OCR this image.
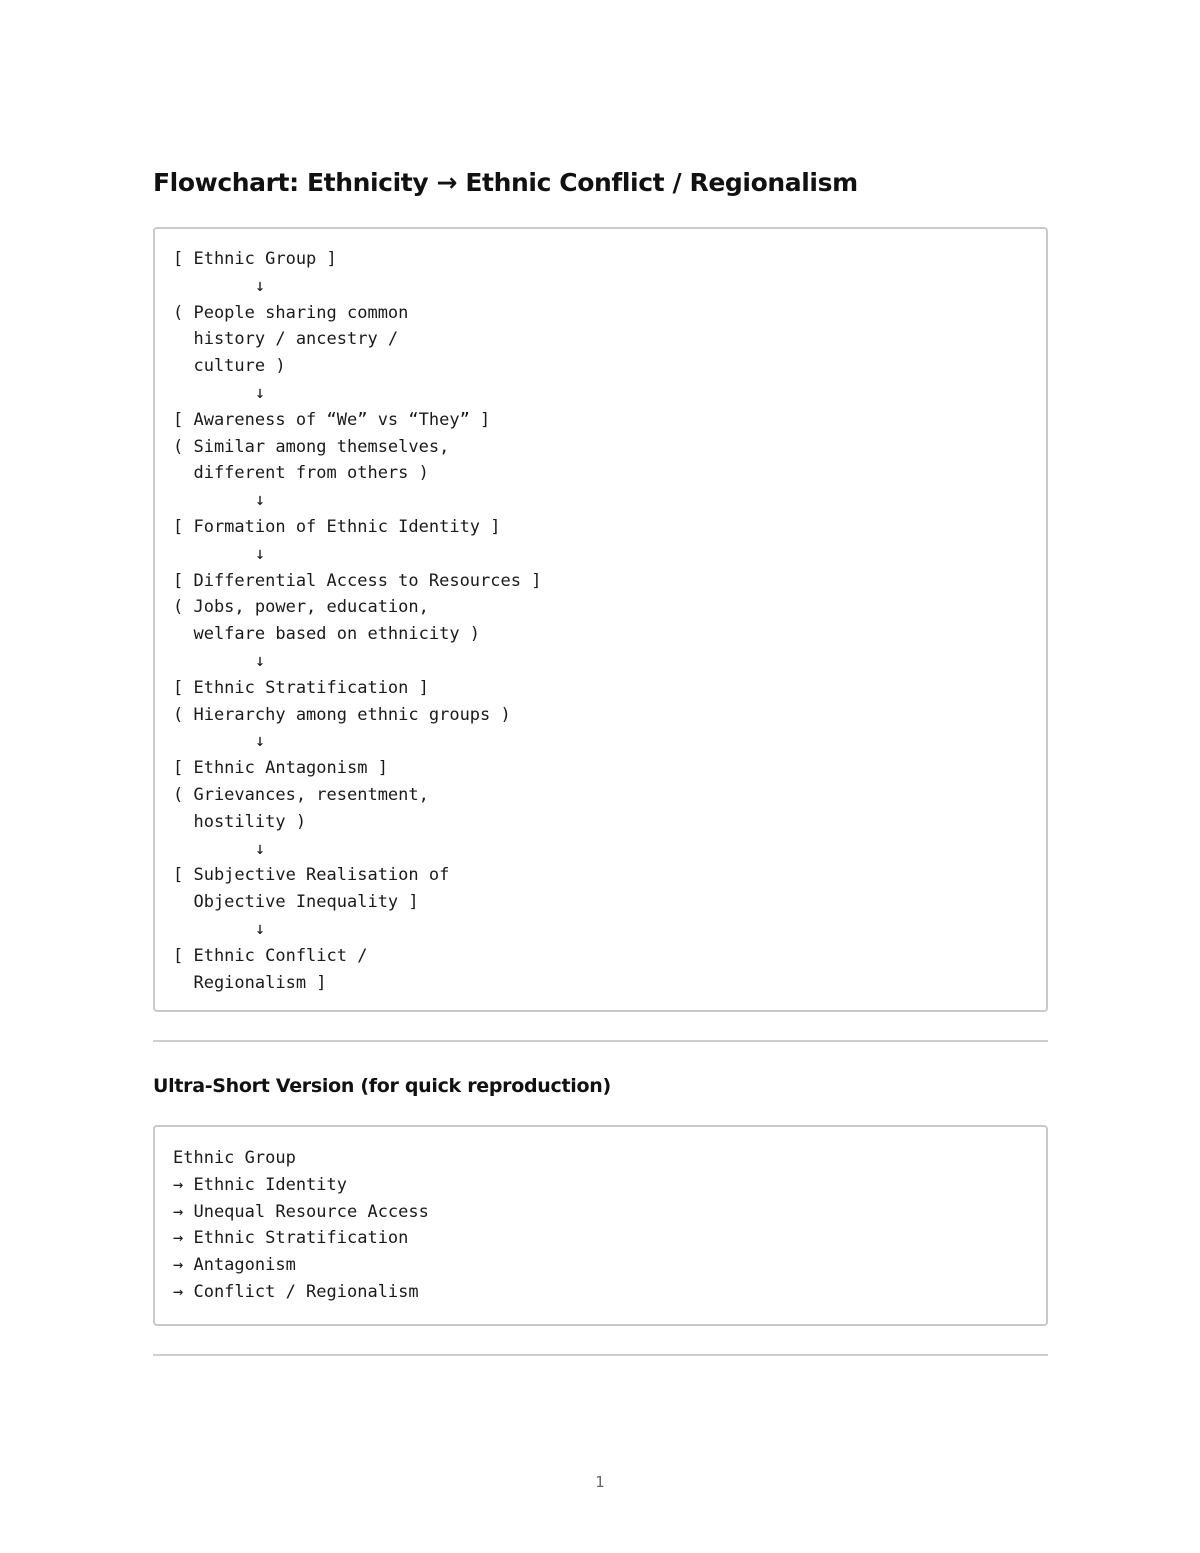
Flowchart: Ethnicity → Ethnic Conflict / Regionalism
[ Ethnic Group ]
↓
( People sharing common
history / ancestry /
culture )
↓
[ Awareness of “We” vs “They” ]
( Similar among themselves,
different from others )
↓
[ Formation of Ethnic Identity ]
↓
[ Differential Access to Resources ]
( Jobs, power, education,
welfare based on ethnicity )
↓
[ Ethnic Stratification ]
( Hierarchy among ethnic groups )
↓
[ Ethnic Antagonism ]
( Grievances, resentment,
hostility )
↓
[ Subjective Realisation of
Objective Inequality ]
↓
[ Ethnic Conflict /
Regionalism ]
Ultra-Short Version (for quick reproduction)
Ethnic Group
→ Ethnic Identity
→ Unequal Resource Access
→ Ethnic Stratification
→ Antagonism
→ Conflict / Regionalism
1
